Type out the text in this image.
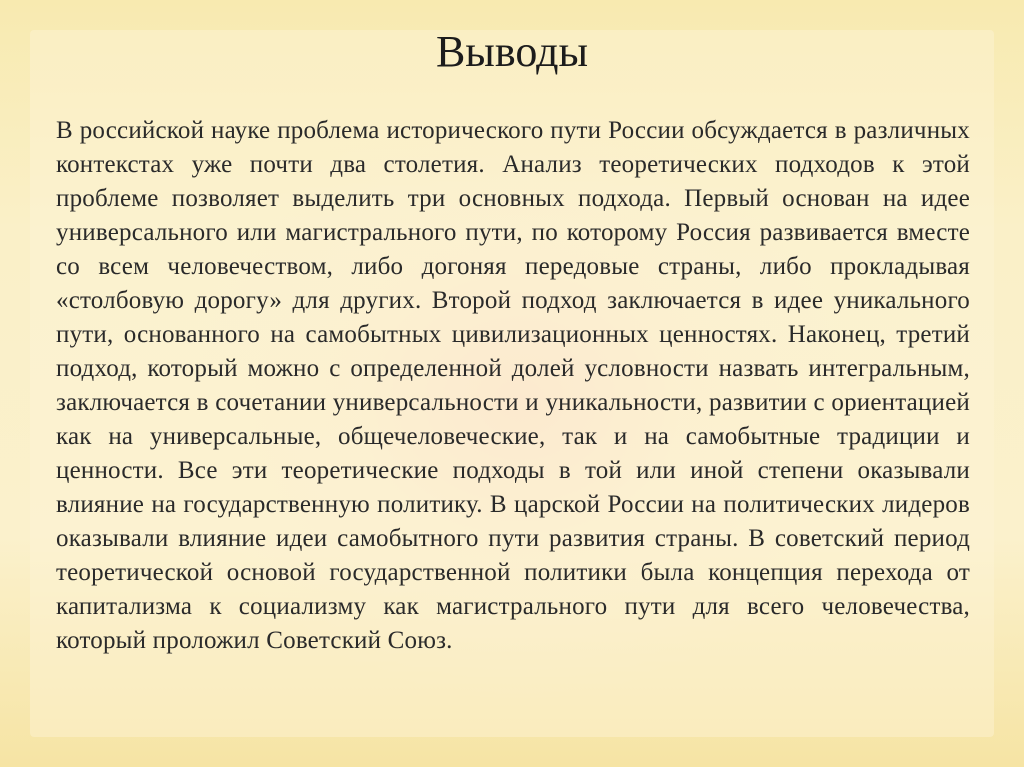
Выводы

В российской науке проблема исторического пути России обсуждается в различных контекстах уже почти два столетия. Анализ теоретических подходов к этой проблеме позволяет выделить три основных подхода. Первый основан на идее универсального или магистрального пути, по которому Россия развивается вместе со всем человечеством, либо догоняя передовые страны, либо прокладывая «столбовую дорогу» для других. Второй подход заключается в идее уникального пути, основанного на самобытных цивилизационных ценностях. Наконец, третий подход, который можно с определенной долей условности назвать интегральным, заключается в сочетании универсальности и уникальности, развитии с ориентацией как на универсальные, общечеловеческие, так и на самобытные традиции и ценности. Все эти теоретические подходы в той или иной степени оказывали влияние на государственную политику. В царской России на политических лидеров оказывали влияние идеи самобытного пути развития страны. В советский период теоретической основой государственной политики была концепция перехода от капитализма к социализму как магистрального пути для всего человечества, который проложил Советский Союз.
